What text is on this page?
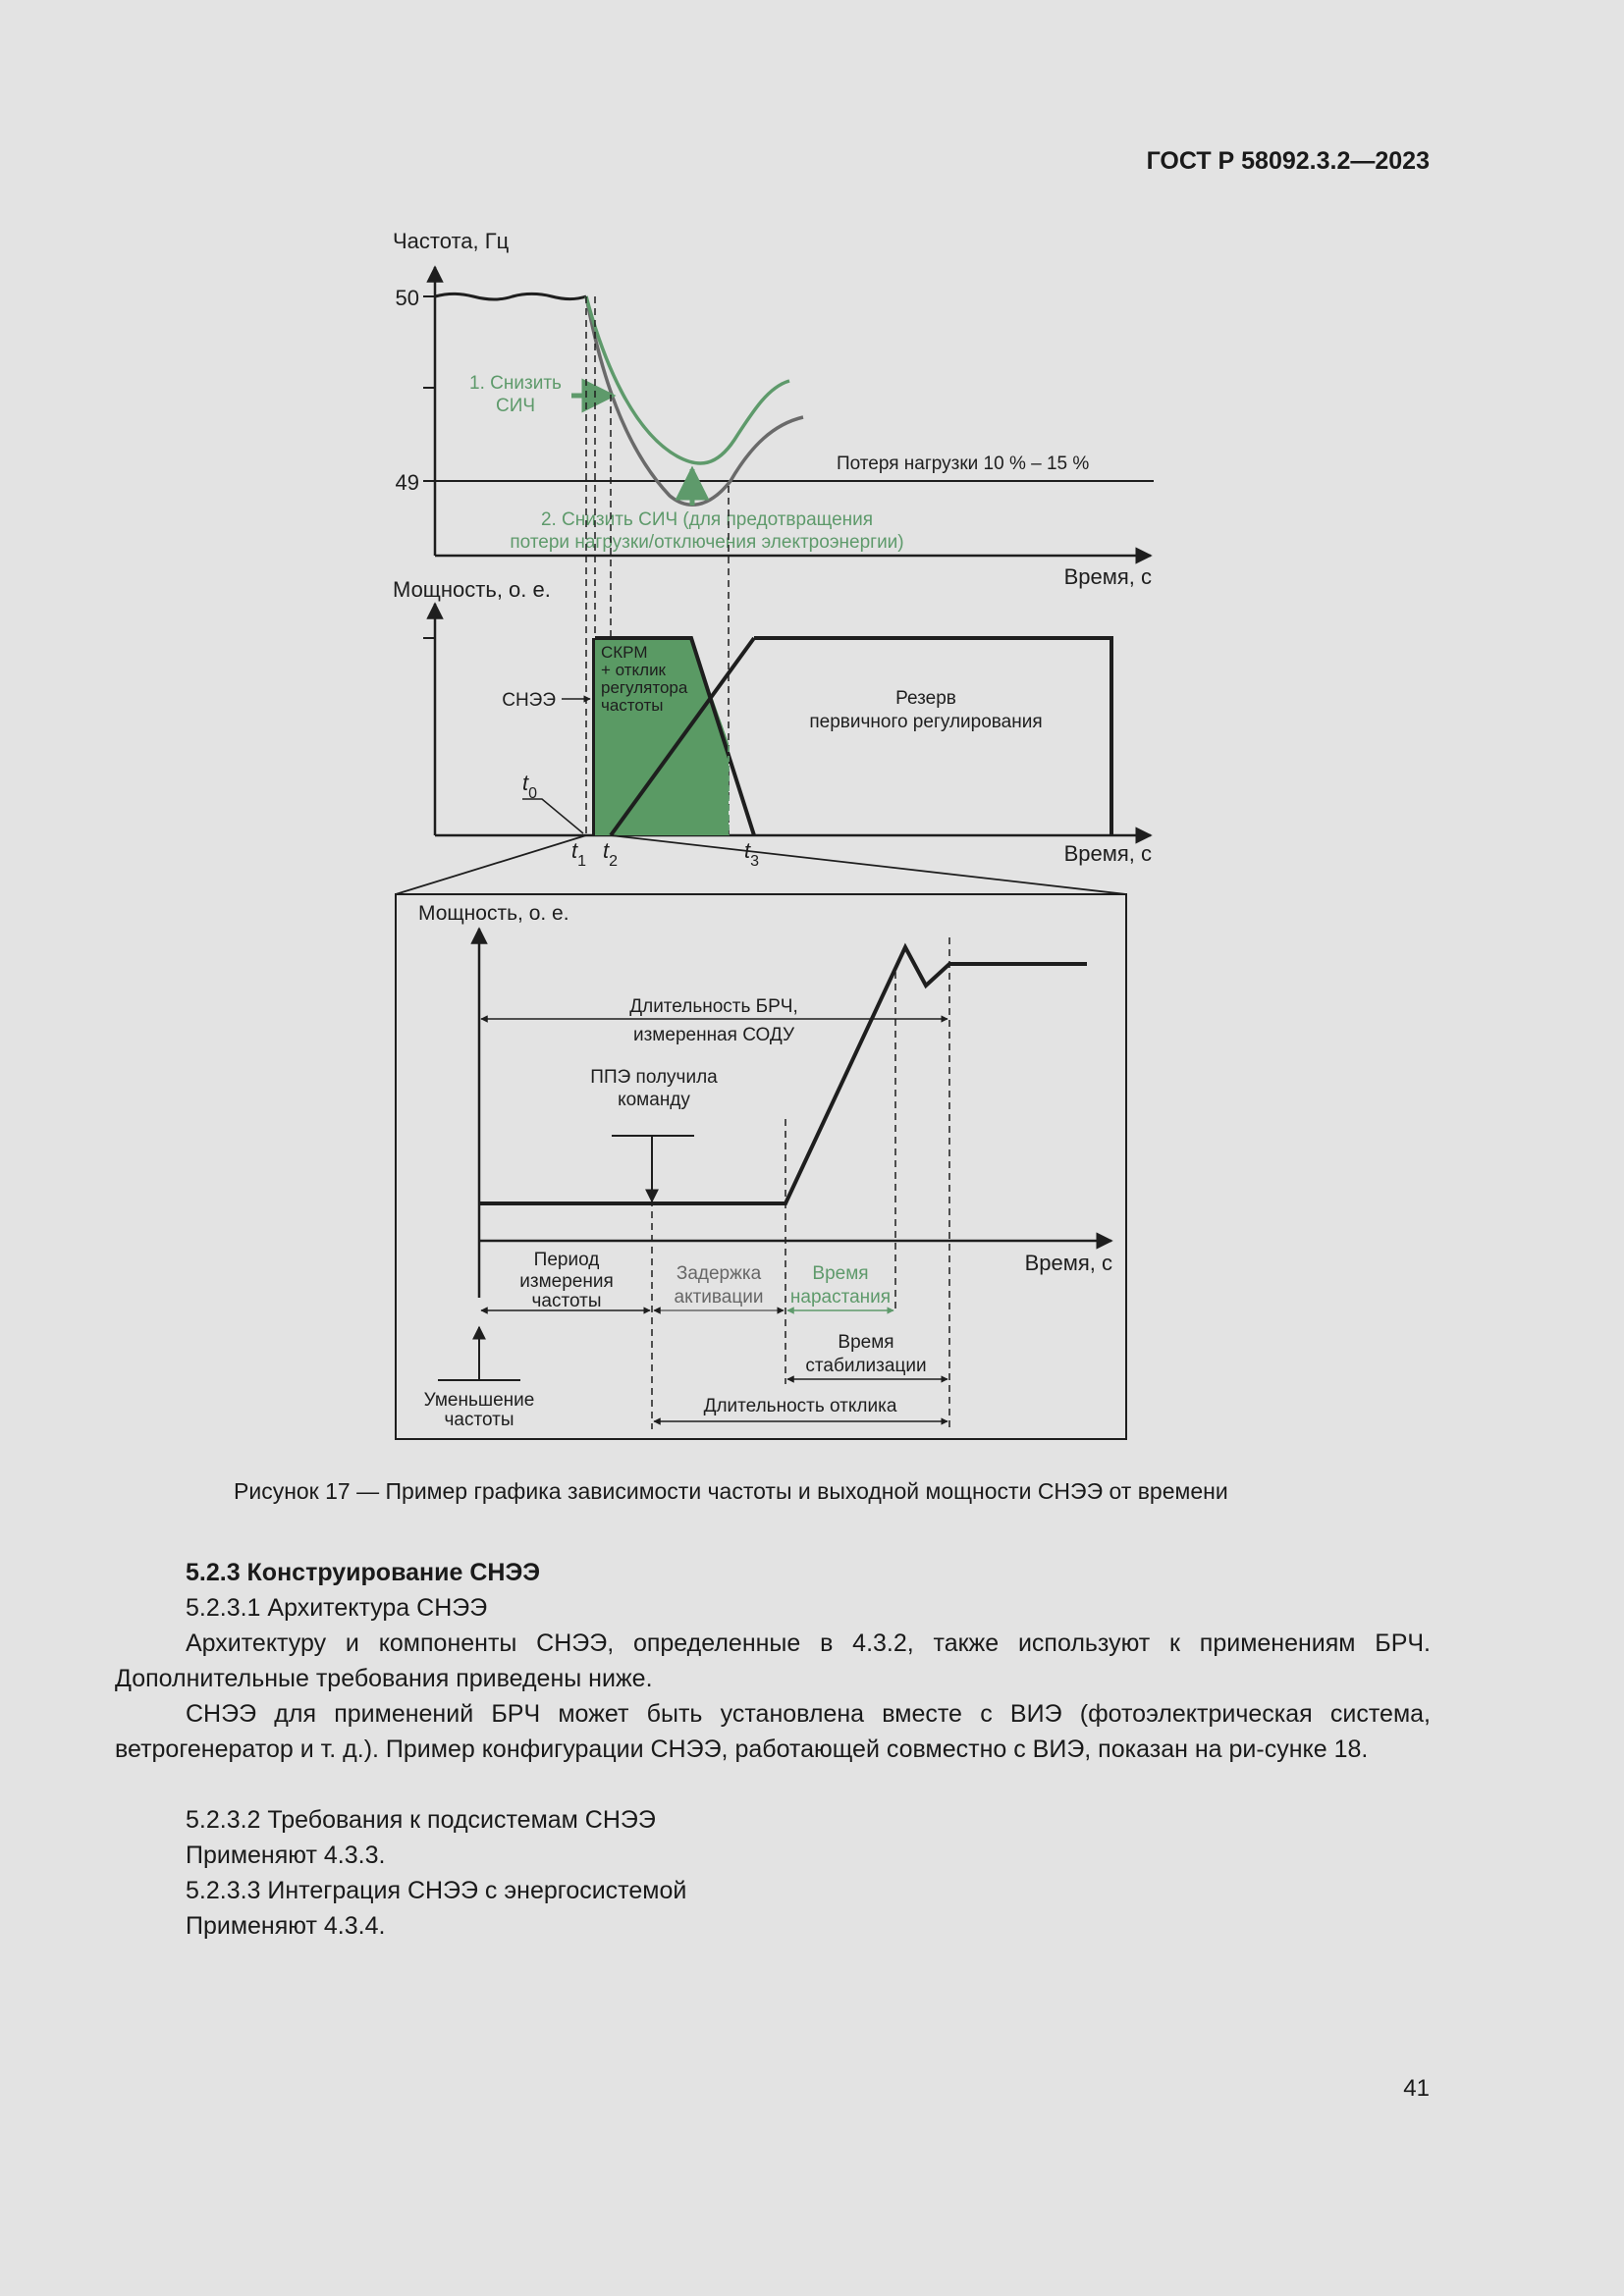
ГОСТ Р 58092.3.2—2023
Частота, Гц
Время, с
50
49
Потеря нагрузки 10 % – 15 %
1. Снизить
СИЧ
2. Снизить СИЧ (для предотвращения
потери нагрузки/отключения электроэнергии)
Мощность, о. е.
Время, с
СКРМ
+ отклик
регулятора
частоты
СНЭЭ	Резерв
первичного регулирования
$t_0$
$t_1$ $t_2$	$_3$
Мощность, о. е.
Время, с
Длительность БРЧ,
измеренная СОДУ
ППЭ получила
команду
Период
измерения
частоты
Задержка
активации
Время
нарастания
Время
стабилизации
Длительность отклика
Уменьшение
частоты
Рисунок 17 — Пример графика зависимости частоты и выходной мощности СНЭЭ от времени
5.2.3 Конструирование СНЭЭ
5.2.3.1 Архитектура СНЭЭ
Архитектуру и компоненты СНЭЭ, определенные в 4.3.2, также используют к применениям БРЧ. Дополнительные требования приведены ниже.
СНЭЭ для применений БРЧ может быть установлена вместе с ВИЭ (фотоэлектрическая система, ветрогенератор и т. д.). Пример конфигурации СНЭЭ, работающей совместно с ВИЭ, показан на ри-сунке 18.
5.2.3.2 Требования к подсистемам СНЭЭ
Применяют 4.3.3.
5.2.3.3 Интеграция СНЭЭ с энергосистемой
Применяют 4.3.4.
41
